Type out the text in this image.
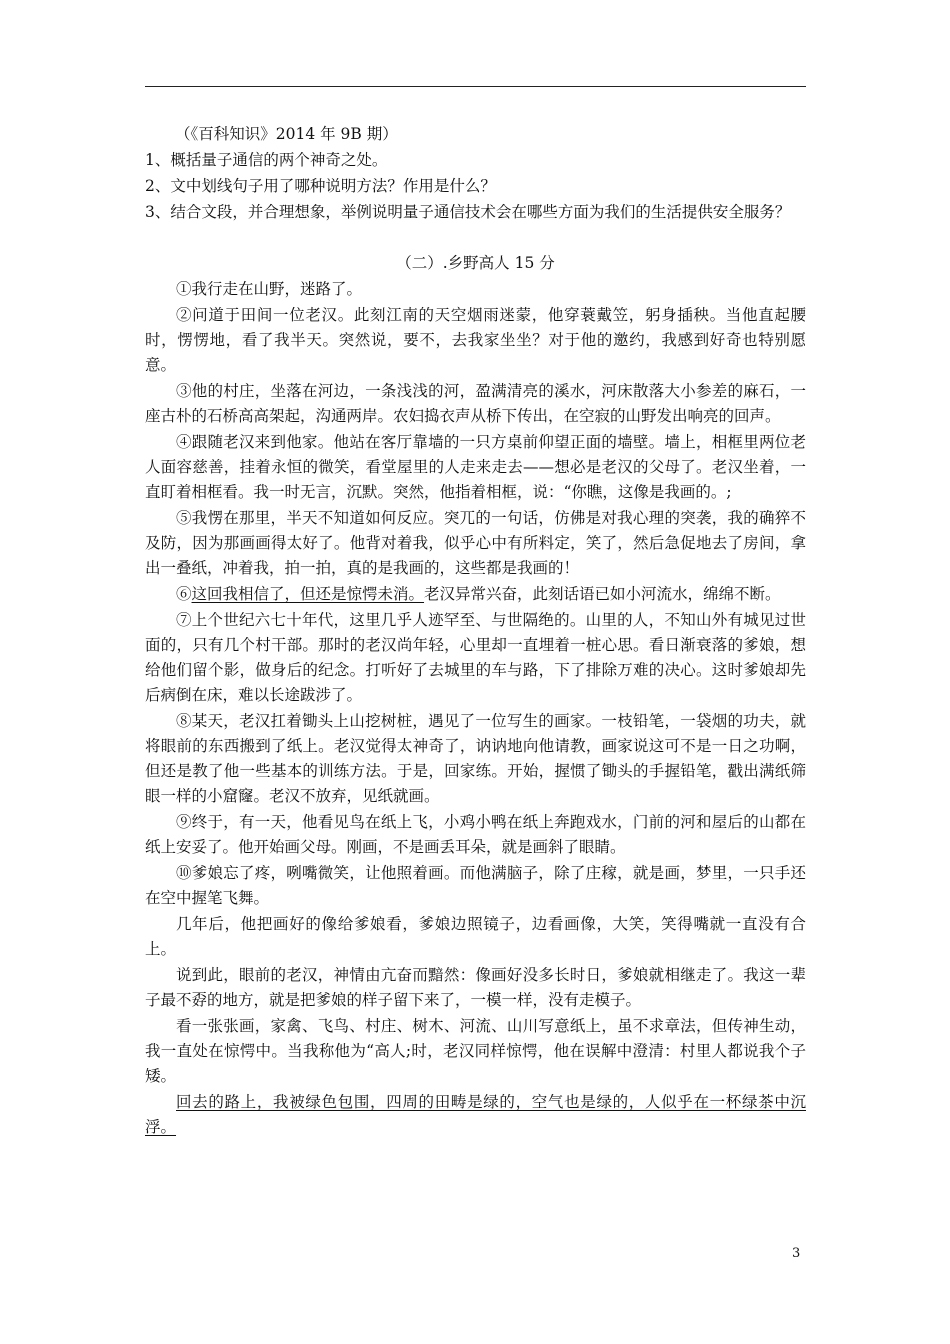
（《百科知识》2014 年 9B 期）

1、概括量子通信的两个神奇之处。

2、文中划线句子用了哪种说明方法？作用是什么？

3、结合文段，并合理想象，举例说明量子通信技术会在哪些方面为我们的生活提供安全服务？

（二）.乡野高人 15 分

①我行走在山野，迷路了。

②问道于田间一位老汉。此刻江南的天空烟雨迷蒙，他穿蓑戴笠，躬身插秧。当他直起腰时，愣愣地，看了我半天。突然说，要不，去我家坐坐？对于他的邀约，我感到好奇也特别愿意。

③他的村庄，坐落在河边，一条浅浅的河，盈满清亮的溪水，河床散落大小参差的麻石，一座古朴的石桥高高架起，沟通两岸。农妇捣衣声从桥下传出，在空寂的山野发出响亮的回声。

④跟随老汉来到他家。他站在客厅靠墙的一只方桌前仰望正面的墙壁。墙上，相框里两位老人面容慈善，挂着永恒的微笑，看堂屋里的人走来走去——想必是老汉的父母了。老汉坐着，一直盯着相框看。我一时无言，沉默。突然，他指着相框，说：“你瞧，这像是我画的。;

⑤我愣在那里，半天不知道如何反应。突兀的一句话，仿佛是对我心理的突袭，我的确猝不及防，因为那画画得太好了。他背对着我，似乎心中有所料定，笑了，然后急促地去了房间，拿出一叠纸，冲着我，拍一拍，真的是我画的，这些都是我画的！

⑥这回我相信了，但还是惊愕未消。老汉异常兴奋，此刻话语已如小河流水，绵绵不断。

⑦上个世纪六七十年代，这里几乎人迹罕至、与世隔绝的。山里的人，不知山外有城见过世面的，只有几个村干部。那时的老汉尚年轻，心里却一直埋着一桩心思。看日渐衰落的爹娘，想给他们留个影，做身后的纪念。打听好了去城里的车与路，下了排除万难的决心。这时爹娘却先后病倒在床，难以长途跋涉了。

⑧某天，老汉扛着锄头上山挖树桩，遇见了一位写生的画家。一枝铅笔，一袋烟的功夫，就将眼前的东西搬到了纸上。老汉觉得太神奇了，讷讷地向他请教，画家说这可不是一日之功啊，但还是教了他一些基本的训练方法。于是，回家练。开始，握惯了锄头的手握铅笔，戳出满纸筛眼一样的小窟窿。老汉不放弃，见纸就画。

⑨终于，有一天，他看见鸟在纸上飞，小鸡小鸭在纸上奔跑戏水，门前的河和屋后的山都在纸上安妥了。他开始画父母。刚画，不是画丢耳朵，就是画斜了眼睛。

⑩爹娘忘了疼，咧嘴微笑，让他照着画。而他满脑子，除了庄稼，就是画，梦里，一只手还在空中握笔飞舞。

几年后，他把画好的像给爹娘看，爹娘边照镜子，边看画像，大笑，笑得嘴就一直没有合上。

说到此，眼前的老汉，神情由亢奋而黯然：像画好没多长时日，爹娘就相继走了。我这一辈子最不孬的地方，就是把爹娘的样子留下来了，一模一样，没有走模子。

看一张张画，家禽、飞鸟、村庄、树木、河流、山川写意纸上，虽不求章法，但传神生动，我一直处在惊愕中。当我称他为“高人;时，老汉同样惊愕，他在误解中澄清：村里人都说我个子矮。

回去的路上，我被绿色包围，四周的田畴是绿的，空气也是绿的，人似乎在一杯绿茶中沉浮。

3
